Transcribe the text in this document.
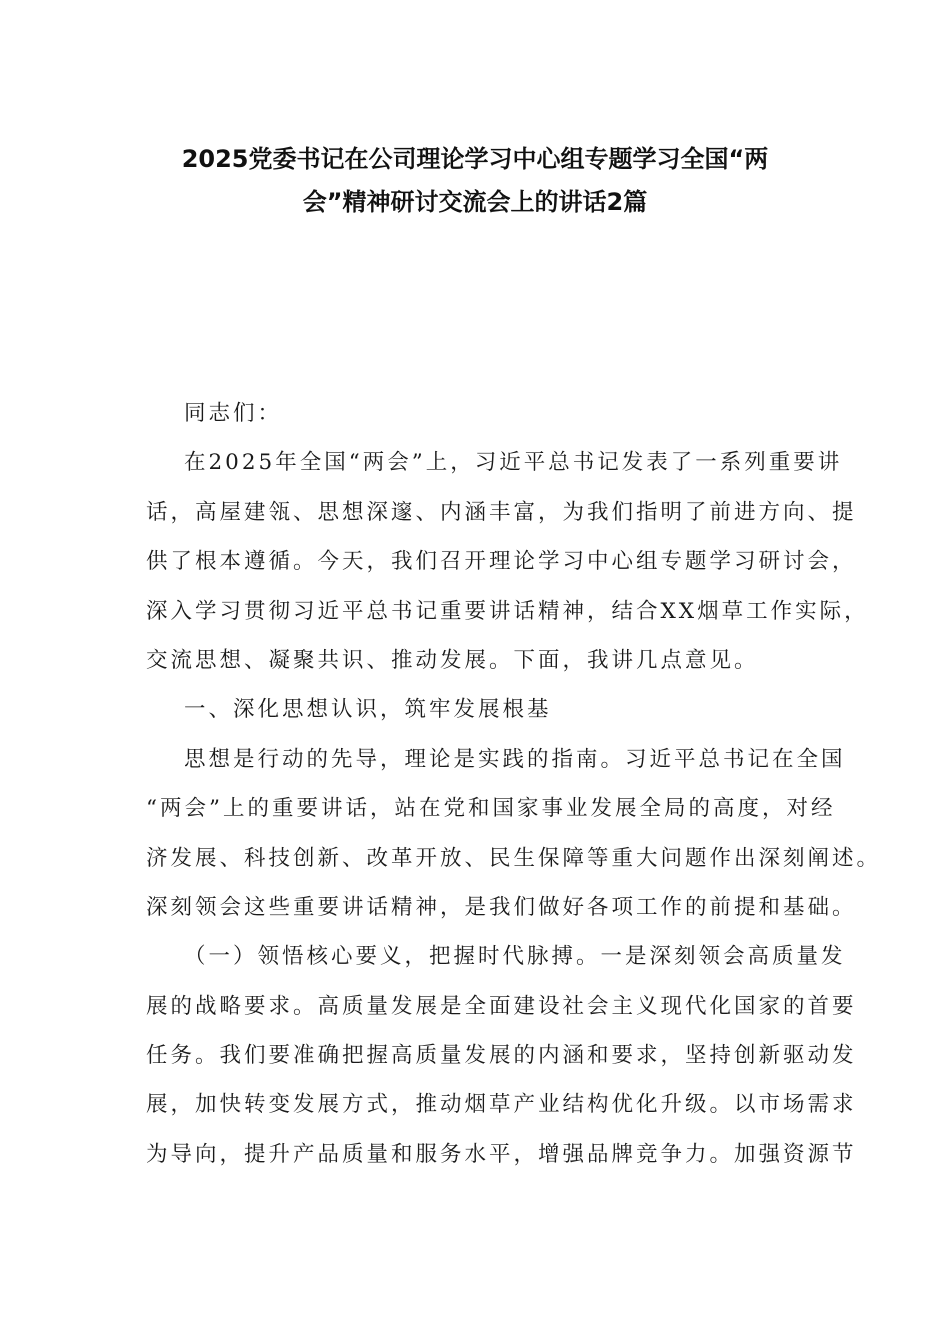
2025党委书记在公司理论学习中心组专题学习全国“两
会”精神研讨交流会上的讲话2篇
同志们：
在2025年全国“两会”上，习近平总书记发表了一系列重要讲
话，高屋建瓴、思想深邃、内涵丰富，为我们指明了前进方向、提
供了根本遵循。今天，我们召开理论学习中心组专题学习研讨会，
深入学习贯彻习近平总书记重要讲话精神，结合XX烟草工作实际，
交流思想、凝聚共识、推动发展。下面，我讲几点意见。
一、深化思想认识，筑牢发展根基
思想是行动的先导，理论是实践的指南。习近平总书记在全国
“两会”上的重要讲话，站在党和国家事业发展全局的高度，对经
济发展、科技创新、改革开放、民生保障等重大问题作出深刻阐述。
深刻领会这些重要讲话精神，是我们做好各项工作的前提和基础。
（一）领悟核心要义，把握时代脉搏。一是深刻领会高质量发
展的战略要求。高质量发展是全面建设社会主义现代化国家的首要
任务。我们要准确把握高质量发展的内涵和要求，坚持创新驱动发
展，加快转变发展方式，推动烟草产业结构优化升级。以市场需求
为导向，提升产品质量和服务水平，增强品牌竞争力。加强资源节
